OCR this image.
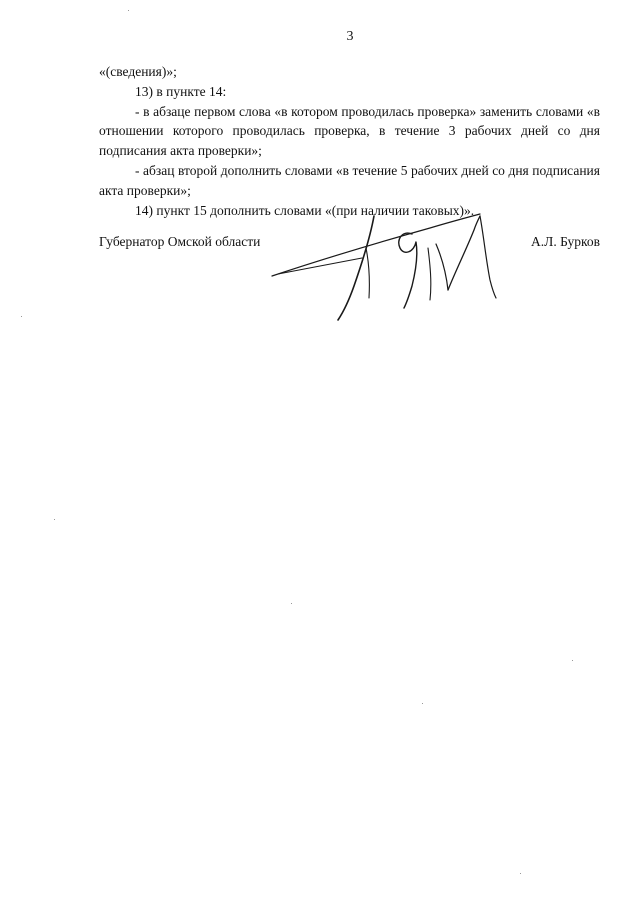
3

«(сведения)»;

13) в пункте 14:

- в абзаце первом слова «в котором проводилась проверка» заменить словами «в отношении которого проводилась проверка, в течение 3 рабочих дней со дня подписания акта проверки»;

- абзац второй дополнить словами «в течение 5 рабочих дней со дня подписания акта проверки»;

14) пункт 15 дополнить словами «(при наличии таковых)».

Губернатор Омской области	А.Л. Бурков
